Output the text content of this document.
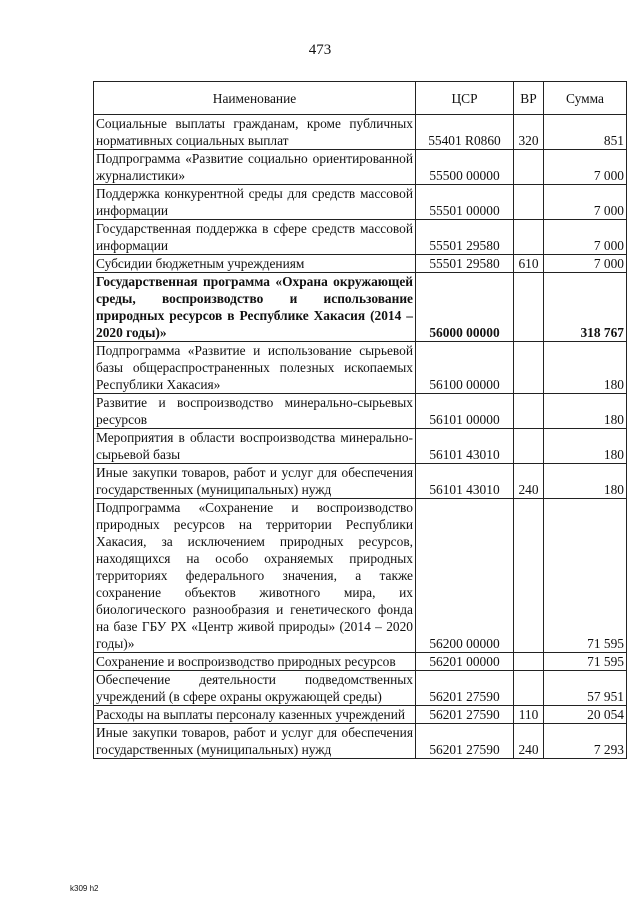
473
Наименование	ЦСР	ВР	Сумма
Социальные выплаты гражданам, кроме публичных нормативных социальных выплат	55401 R0860	320	851
Подпрограмма «Развитие социально ориентированной журналистики»	55500 00000		7 000
Поддержка конкурентной среды для средств массовой информации	55501 00000		7 000
Государственная поддержка в сфере средств массовой информации	55501 29580		7 000
Субсидии бюджетным учреждениям	55501 29580	610	7 000
Государственная программа «Охрана окружающей среды, воспроизводство и использование природных ресурсов в Республике Хакасия (2014 – 2020 годы)»	56000 00000		318 767
Подпрограмма «Развитие и использование сырьевой базы общераспространенных полезных ископаемых Республики Хакасия»	56100 00000		180
Развитие и воспроизводство минерально-сырьевых ресурсов	56101 00000		180
Мероприятия в области воспроизводства минерально-сырьевой базы	56101 43010		180
Иные закупки товаров, работ и услуг для обеспечения государственных (муниципальных) нужд	56101 43010	240	180
Подпрограмма «Сохранение и воспроизводство природных ресурсов на территории Республики Хакасия, за исключением природных ресурсов, находящихся на особо охраняемых природных территориях федерального значения, а также сохранение объектов животного мира, их биологического разнообразия и генетического фонда на базе ГБУ РХ «Центр живой природы» (2014 – 2020 годы)»	56200 00000		71 595
Сохранение и воспроизводство природных ресурсов	56201 00000		71 595
Обеспечение деятельности подведомственных учреждений (в сфере охраны окружающей среды)	56201 27590		57 951
Расходы на выплаты персоналу казенных учреждений	56201 27590	110	20 054
Иные закупки товаров, работ и услуг для обеспечения государственных (муниципальных) нужд	56201 27590	240	7 293
k309 h2
